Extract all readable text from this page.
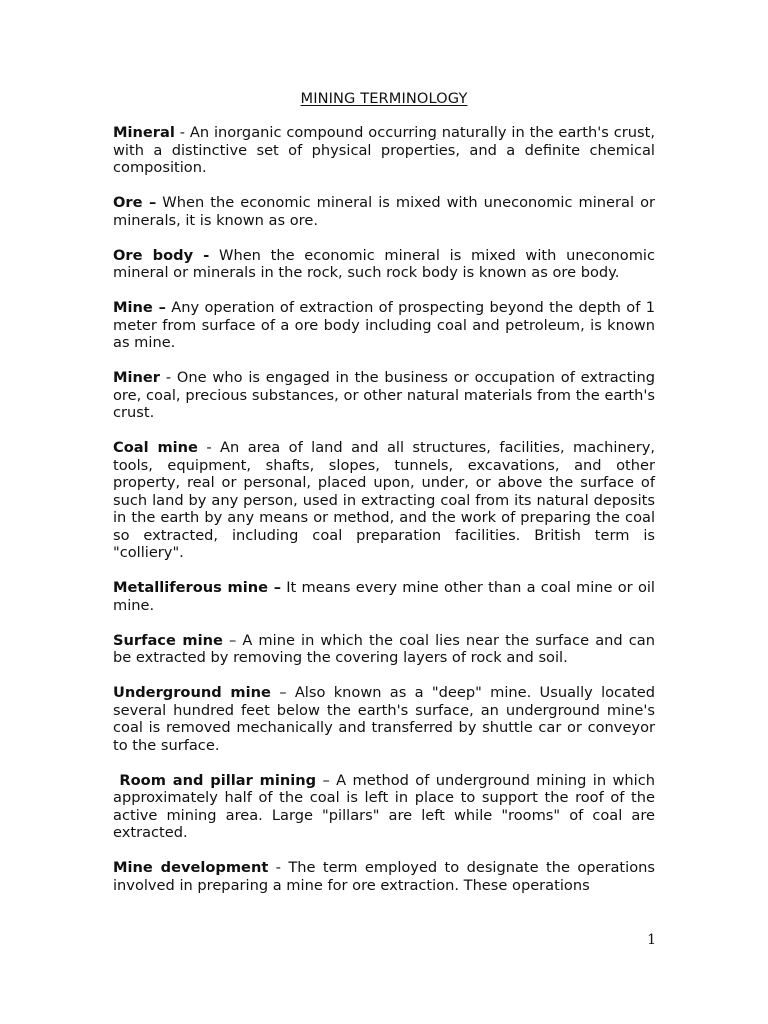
MINING TERMINOLOGY

Mineral - An inorganic compound occurring naturally in the earth's crust, with a distinctive set of physical properties, and a definite chemical composition.

Ore – When the economic mineral is mixed with uneconomic mineral or minerals, it is known as ore.

Ore body - When the economic mineral is mixed with uneconomic mineral or minerals in the rock, such rock body is known as ore body.

Mine – Any operation of extraction of prospecting beyond the depth of 1 meter from surface of a ore body including coal and petroleum, is known as mine.

Miner - One who is engaged in the business or occupation of extracting ore, coal, precious substances, or other natural materials from the earth's crust.

Coal mine - An area of land and all structures, facilities, machinery, tools, equipment, shafts, slopes, tunnels, excavations, and other property, real or personal, placed upon, under, or above the surface of such land by any person, used in extracting coal from its natural deposits in the earth by any means or method, and the work of preparing the coal so extracted, including coal preparation facilities. British term is "colliery".

Metalliferous mine – It means every mine other than a coal mine or oil mine.

Surface mine – A mine in which the coal lies near the surface and can be extracted by removing the covering layers of rock and soil.

Underground mine – Also known as a "deep" mine. Usually located several hundred feet below the earth's surface, an underground mine's coal is removed mechanically and transferred by shuttle car or conveyor to the surface.

Room and pillar mining – A method of underground mining in which approximately half of the coal is left in place to support the roof of the active mining area. Large "pillars" are left while "rooms" of coal are extracted.

Mine development - The term employed to designate the operations involved in preparing a mine for ore extraction. These operations

1
